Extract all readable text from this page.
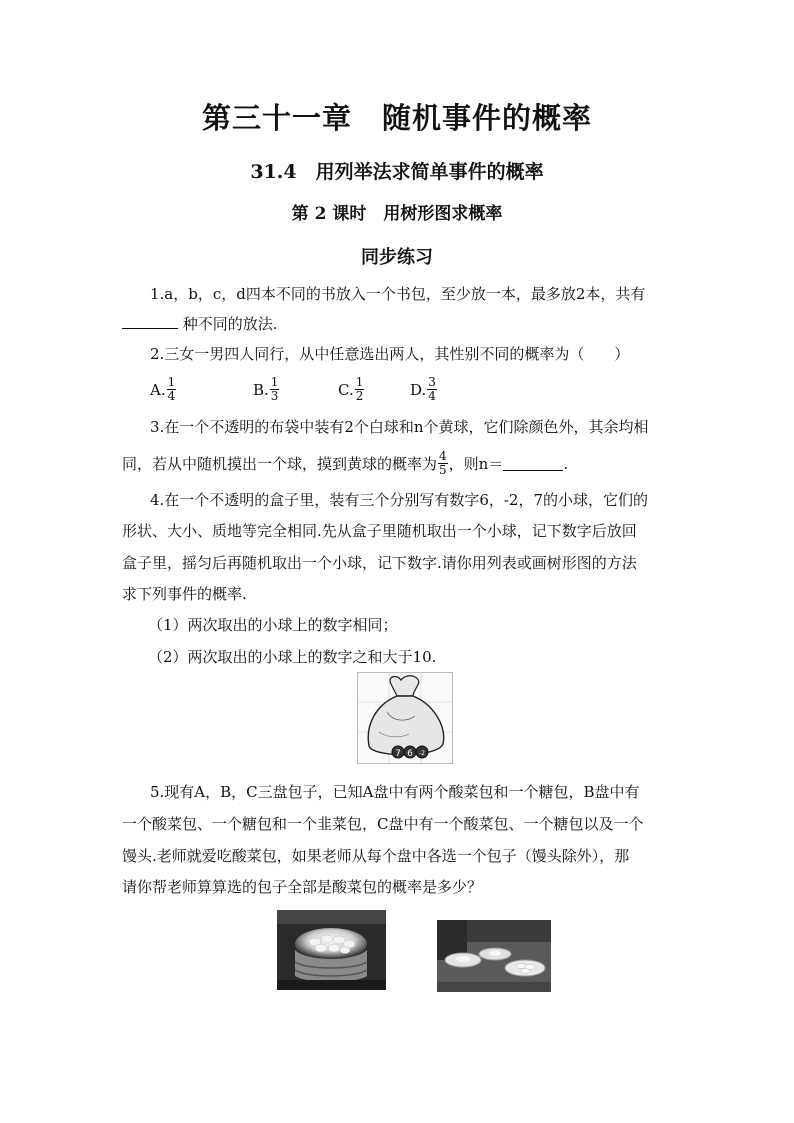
第三十一章　随机事件的概率
31.4　用列举法求简单事件的概率
第 2 课时　用树形图求概率
同步练习
1.a，b，c，d四本不同的书放入一个书包，至少放一本，最多放2本，共有
种不同的放法.
2.三女一男四人同行，从中任意选出两人，其性别不同的概率为（　　）
A. $\frac{1}{4}$	B. $\frac{1}{3}$	C. $\frac{1}{2}$	D. $\frac{3}{4}$
3.在一个不透明的布袋中装有2个白球和n个黄球，它们除颜色外，其余均相
同，若从中随机摸出一个球，摸到黄球的概率为 $\frac{4}{5}$ ，则n＝	.
4.在一个不透明的盒子里，装有三个分别写有数字6，-2，7的小球，它们的
形状、大小、质地等完全相同.先从盒子里随机取出一个小球，记下数字后放回
盒子里，摇匀后再随机取出一个小球，记下数字.请你用列表或画树形图的方法
求下列事件的概率.
（1）两次取出的小球上的数字相同；
（2）两次取出的小球上的数字之和大于10.
7 6 -2
5.现有A，B，C三盘包子，已知A盘中有两个酸菜包和一个糖包，B盘中有
一个酸菜包、一个糖包和一个韭菜包，C盘中有一个酸菜包、一个糖包以及一个
馒头.老师就爱吃酸菜包，如果老师从每个盘中各选一个包子（馒头除外），那
请你帮老师算算选的包子全部是酸菜包的概率是多少？
